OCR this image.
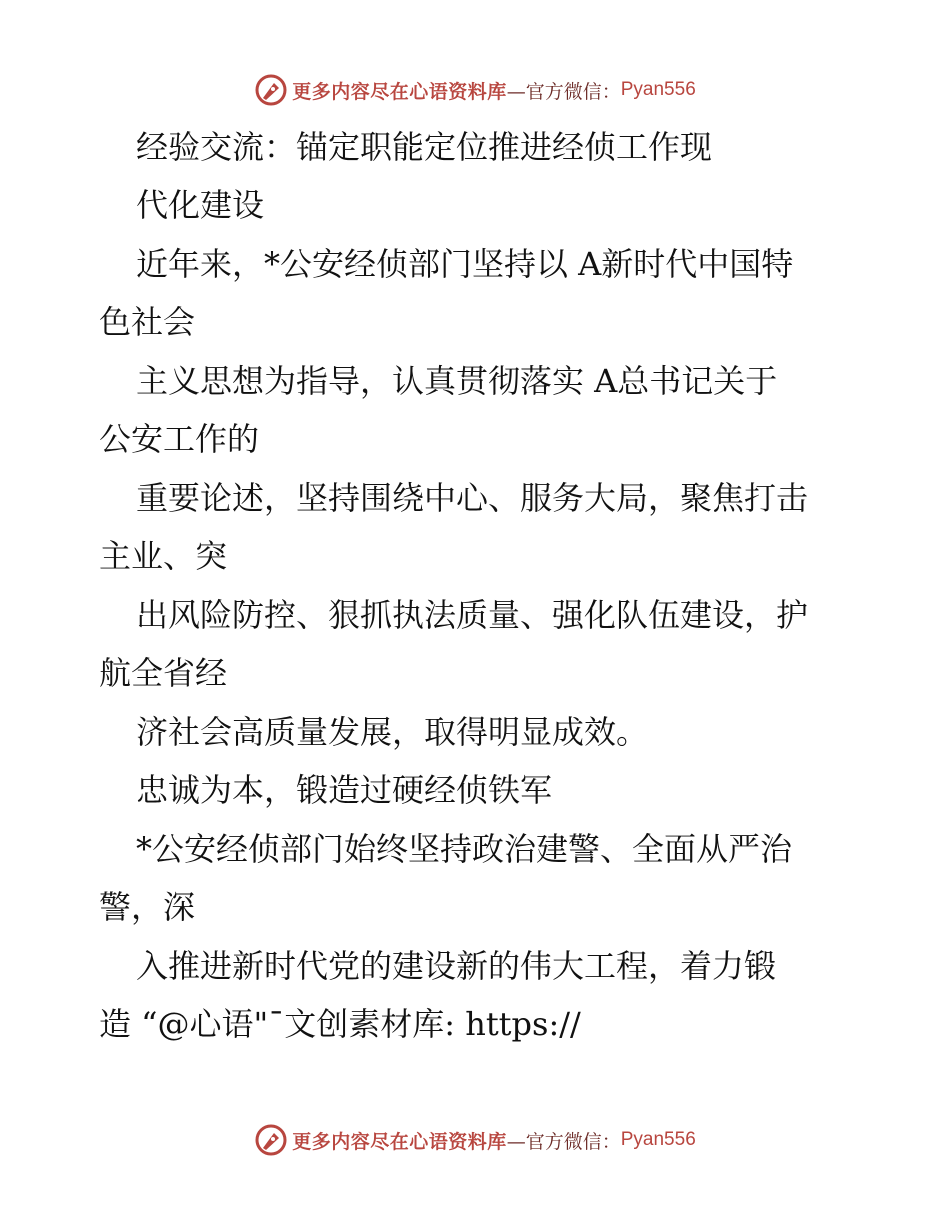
更多内容尽在心语资料库 —官方微信： Pyan556
经验交流：锚定职能定位推进经侦工作现
代化建设
近年来，*公安经侦部门坚持以 A新时代中国特
色社会
主义思想为指导，认真贯彻落实 A总书记关于
公安工作的
重要论述，坚持围绕中心、服务大局，聚焦打击
主业、突
出风险防控、狠抓执法质量、强化队伍建设，护
航全省经
济社会高质量发展，取得明显成效。
忠诚为本，锻造过硬经侦铁军
*公安经侦部门始终坚持政治建警、全面从严治
警，深
入推进新时代党的建设新的伟大工程，着力锻
造 “@心语"¯文创素材库: https://
更多内容尽在心语资料库 —官方微信： Pyan556
